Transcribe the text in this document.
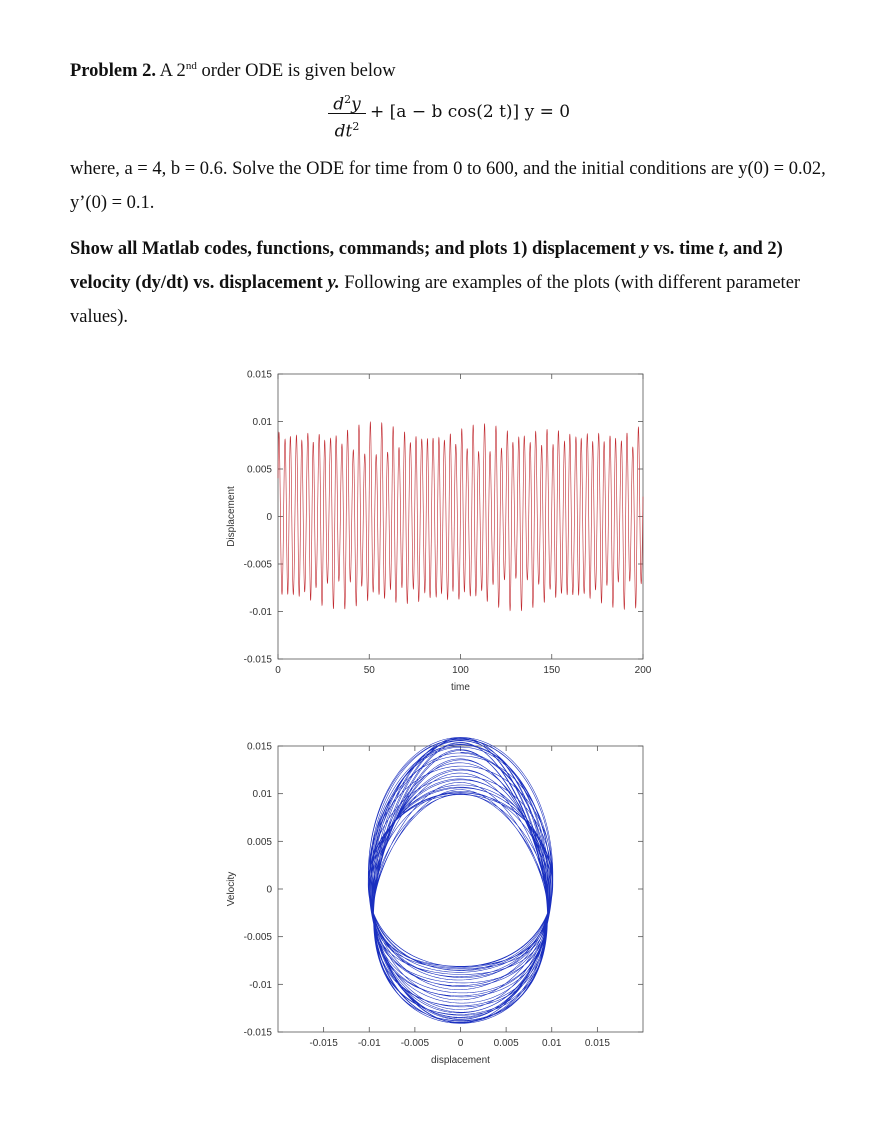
Problem 2. A 2nd order ODE is given below
$d^2y$
$dt^2$
+ [a − b cos(2 t)] y = 0
where, a = 4, b = 0.6. Solve the ODE for time from 0 to 600, and the initial conditions are y(0) = 0.02, y’(0) = 0.1.
Show all Matlab codes, functions, commands; and plots 1) displacement y vs. time t, and 2) velocity (dy/dt) vs. displacement y. Following are examples of the plots (with different parameter values).
0	50	100	150	200
0.015
0.01
0.005
0
-0.005
-0.01
-0.015
time
Displacement
-0.015 -0.01 -0.005	0	0.005 0.01 0.015
0.015
0.01
0.005
0
-0.005
-0.01
-0.015
displacement
Velocity
